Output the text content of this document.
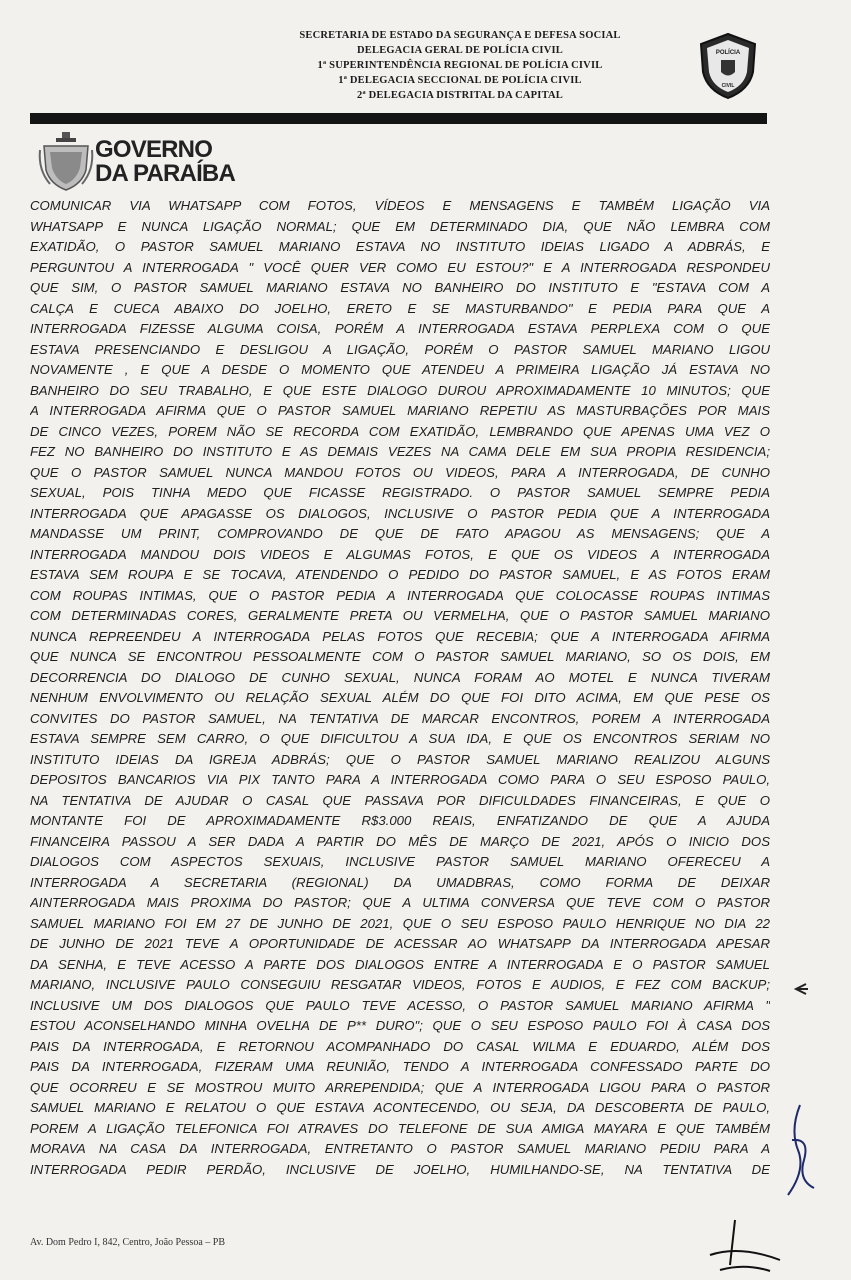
SECRETARIA DE ESTADO DA SEGURANÇA E DEFESA SOCIAL
DELEGACIA GERAL DE POLÍCIA CIVIL
1ª SUPERINTENDÊNCIA REGIONAL DE POLÍCIA CIVIL
1ª DELEGACIA SECCIONAL DE POLÍCIA CIVIL
2ª DELEGACIA DISTRITAL DA CAPITAL
POLÍCIA
CIVIL
GOVERNO
DA PARAÍBA
COMUNICAR VIA WHATSAPP COM FOTOS, VÍDEOS E MENSAGENS E TAMBÉM LIGAÇÃO VIA
WHATSAPP E NUNCA LIGAÇÃO NORMAL; QUE EM DETERMINADO DIA, QUE NÃO LEMBRA COM
EXATIDÃO, O PASTOR SAMUEL MARIANO ESTAVA NO INSTITUTO IDEIAS LIGADO A ADBRÁS, E
PERGUNTOU A INTERROGADA " VOCÊ QUER VER COMO EU ESTOU?" E A INTERROGADA RESPONDEU
QUE SIM, O PASTOR SAMUEL MARIANO ESTAVA NO BANHEIRO DO INSTITUTO E "ESTAVA COM A
CALÇA E CUECA ABAIXO DO JOELHO, ERETO E SE MASTURBANDO" E PEDIA PARA QUE A
INTERROGADA FIZESSE ALGUMA COISA, PORÉM A INTERROGADA ESTAVA PERPLEXA COM O QUE
ESTAVA PRESENCIANDO E DESLIGOU A LIGAÇÃO, PORÉM O PASTOR SAMUEL MARIANO LIGOU
NOVAMENTE , E QUE A DESDE O MOMENTO QUE ATENDEU A PRIMEIRA LIGAÇÃO JÁ ESTAVA NO
BANHEIRO DO SEU TRABALHO, E QUE ESTE DIALOGO DUROU APROXIMADAMENTE 10 MINUTOS; QUE
A INTERROGADA AFIRMA QUE O PASTOR SAMUEL MARIANO REPETIU AS MASTURBAÇÕES POR MAIS
DE CINCO VEZES, POREM NÃO SE RECORDA COM EXATIDÃO, LEMBRANDO QUE APENAS UMA VEZ O
FEZ NO BANHEIRO DO INSTITUTO E AS DEMAIS VEZES NA CAMA DELE EM SUA PROPIA RESIDENCIA;
QUE O PASTOR SAMUEL NUNCA MANDOU FOTOS OU VIDEOS, PARA A INTERROGADA, DE CUNHO
SEXUAL, POIS TINHA MEDO QUE FICASSE REGISTRADO. O PASTOR SAMUEL SEMPRE PEDIA
INTERROGADA QUE APAGASSE OS DIALOGOS, INCLUSIVE O PASTOR PEDIA QUE A INTERROGADA
MANDASSE UM PRINT, COMPROVANDO DE QUE DE FATO APAGOU AS MENSAGENS; QUE A
INTERROGADA MANDOU DOIS VIDEOS E ALGUMAS FOTOS, E QUE OS VIDEOS A INTERROGADA
ESTAVA SEM ROUPA E SE TOCAVA, ATENDENDO O PEDIDO DO PASTOR SAMUEL, E AS FOTOS ERAM
COM ROUPAS INTIMAS, QUE O PASTOR PEDIA A INTERROGADA QUE COLOCASSE ROUPAS INTIMAS
COM DETERMINADAS CORES, GERALMENTE PRETA OU VERMELHA, QUE O PASTOR SAMUEL MARIANO
NUNCA REPREENDEU A INTERROGADA PELAS FOTOS QUE RECEBIA; QUE A INTERROGADA AFIRMA
QUE NUNCA SE ENCONTROU PESSOALMENTE COM O PASTOR SAMUEL MARIANO, SO OS DOIS, EM
DECORRENCIA DO DIALOGO DE CUNHO SEXUAL, NUNCA FORAM AO MOTEL E NUNCA TIVERAM
NENHUM ENVOLVIMENTO OU RELAÇÃO SEXUAL ALÉM DO QUE FOI DITO ACIMA, EM QUE PESE OS
CONVITES DO PASTOR SAMUEL, NA TENTATIVA DE MARCAR ENCONTROS, POREM A INTERROGADA
ESTAVA SEMPRE SEM CARRO, O QUE DIFICULTOU A SUA IDA, E QUE OS ENCONTROS SERIAM NO
INSTITUTO IDEIAS DA IGREJA ADBRÁS; QUE O PASTOR SAMUEL MARIANO REALIZOU ALGUNS
DEPOSITOS BANCARIOS VIA PIX TANTO PARA A INTERROGADA COMO PARA O SEU ESPOSO PAULO,
NA TENTATIVA DE AJUDAR O CASAL QUE PASSAVA POR DIFICULDADES FINANCEIRAS, E QUE O
MONTANTE FOI DE APROXIMADAMENTE R$3.000 REAIS, ENFATIZANDO DE QUE A AJUDA
FINANCEIRA PASSOU A SER DADA A PARTIR DO MÊS DE MARÇO DE 2021, APÓS O INICIO DOS
DIALOGOS COM ASPECTOS SEXUAIS, INCLUSIVE PASTOR SAMUEL MARIANO OFERECEU A
INTERROGADA A SECRETARIA (REGIONAL) DA UMADBRAS, COMO FORMA DE DEIXAR
AINTERROGADA MAIS PROXIMA DO PASTOR; QUE A ULTIMA CONVERSA QUE TEVE COM O PASTOR
SAMUEL MARIANO FOI EM 27 DE JUNHO DE 2021, QUE O SEU ESPOSO PAULO HENRIQUE NO DIA 22
DE JUNHO DE 2021 TEVE A OPORTUNIDADE DE ACESSAR AO WHATSAPP DA INTERROGADA APESAR
DA SENHA, E TEVE ACESSO A PARTE DOS DIALOGOS ENTRE A INTERROGADA E O PASTOR SAMUEL
MARIANO, INCLUSIVE PAULO CONSEGUIU RESGATAR VIDEOS, FOTOS E AUDIOS, E FEZ COM BACKUP;
INCLUSIVE UM DOS DIALOGOS QUE PAULO TEVE ACESSO, O PASTOR SAMUEL MARIANO AFIRMA "
ESTOU ACONSELHANDO MINHA OVELHA DE P** DURO"; QUE O SEU ESPOSO PAULO FOI À CASA DOS
PAIS DA INTERROGADA, E RETORNOU ACOMPANHADO DO CASAL WILMA E EDUARDO, ALÉM DOS
PAIS DA INTERROGADA, FIZERAM UMA REUNIÃO, TENDO A INTERROGADA CONFESSADO PARTE DO
QUE OCORREU E SE MOSTROU MUITO ARREPENDIDA; QUE A INTERROGADA LIGOU PARA O PASTOR
SAMUEL MARIANO E RELATOU O QUE ESTAVA ACONTECENDO, OU SEJA, DA DESCOBERTA DE PAULO,
POREM A LIGAÇÃO TELEFONICA FOI ATRAVES DO TELEFONE DE SUA AMIGA MAYARA E QUE TAMBÉM
MORAVA NA CASA DA INTERROGADA, ENTRETANTO O PASTOR SAMUEL MARIANO PEDIU PARA A
INTERROGADA PEDIR PERDÃO, INCLUSIVE DE JOELHO, HUMILHANDO-SE, NA TENTATIVA DE
Av. Dom Pedro I, 842, Centro, João Pessoa – PB
